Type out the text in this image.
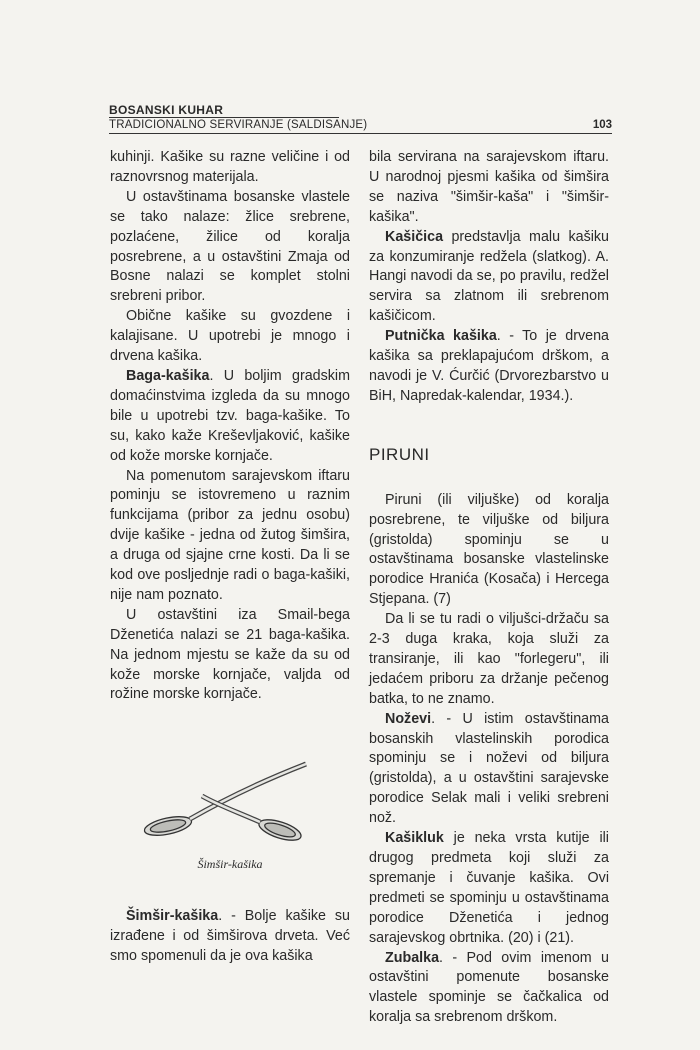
BOSANSKI KUHAR
TRADICIONALNO SERVIRANJE (SALDISANJE)	103

kuhinji. Kašike su razne veličine i od raznovrsnog materijala.

U ostavštinama bosanske vlastele se tako nalaze: žlice srebrene, pozlaćene, žilice od koralja posrebrene, a u ostavštini Zmaja od Bosne nalazi se komplet stolni srebreni pribor.

Obične kašike su gvozdene i kalajisane. U upotrebi je mnogo i drvena kašika.

Baga-kašika. U boljim gradskim domaćinstvima izgleda da su mnogo bile u upotrebi tzv. baga-kašike. To su, kako kaže Kreševljaković, kašike od kože morske kornjače.

Na pomenutom sarajevskom iftaru pominju se istovremeno u raznim funkcijama (pribor za jednu osobu) dvije kašike - jedna od žutog šimšira, a druga od sjajne crne kosti. Da li se kod ove posljednje radi o baga-kašiki, nije nam poznato.

U ostavštini iza Smail-bega Dženetića nalazi se 21 baga-kašika. Na jednom mjestu se kaže da su od kože morske kornjače, valjda od rožine morske kornjače.

Šimšir-kašika

Šimšir-kašika. - Bolje kašike su izrađene i od šimširova drveta. Već smo spomenuli da je ova kašika

bila servirana na sarajevskom iftaru. U narodnoj pjesmi kašika od šimšira se naziva "šimšir-kaša" i "šimšir-kašika".

Kašičica predstavlja malu kašiku za konzumiranje redžela (slatkog). A. Hangi navodi da se, po pravilu, redžel servira sa zlatnom ili srebrenom kašičicom.

Putnička kašika. - To je drvena kašika sa preklapajućom drškom, a navodi je V. Ćurčić (Drvorezbarstvo u BiH, Napredak-kalendar, 1934.).

PIRUNI

Piruni (ili viljuške) od koralja posrebrene, te viljuške od biljura (gristolda) spominju se u ostavštinama bosanske vlastelinske porodice Hranića (Kosača) i Hercega Stjepana. (7)

Da li se tu radi o viljušci-držaču sa 2-3 duga kraka, koja služi za transiranje, ili kao "forlegeru", ili jedaćem priboru za držanje pečenog batka, to ne znamo.

Noževi. - U istim ostavštinama bosanskih vlastelinskih porodica spominju se i noževi od biljura (gristolda), a u ostavštini sarajevske porodice Selak mali i veliki srebreni nož.

Kašikluk je neka vrsta kutije ili drugog predmeta koji služi za spremanje i čuvanje kašika. Ovi predmeti se spominju u ostavštinama porodice Dženetića i jednog sarajevskog obrtnika. (20) i (21).

Zubalka. - Pod ovim imenom u ostavštini pomenute bosanske vlastele spominje se čačkalica od koralja sa srebrenom drškom.
